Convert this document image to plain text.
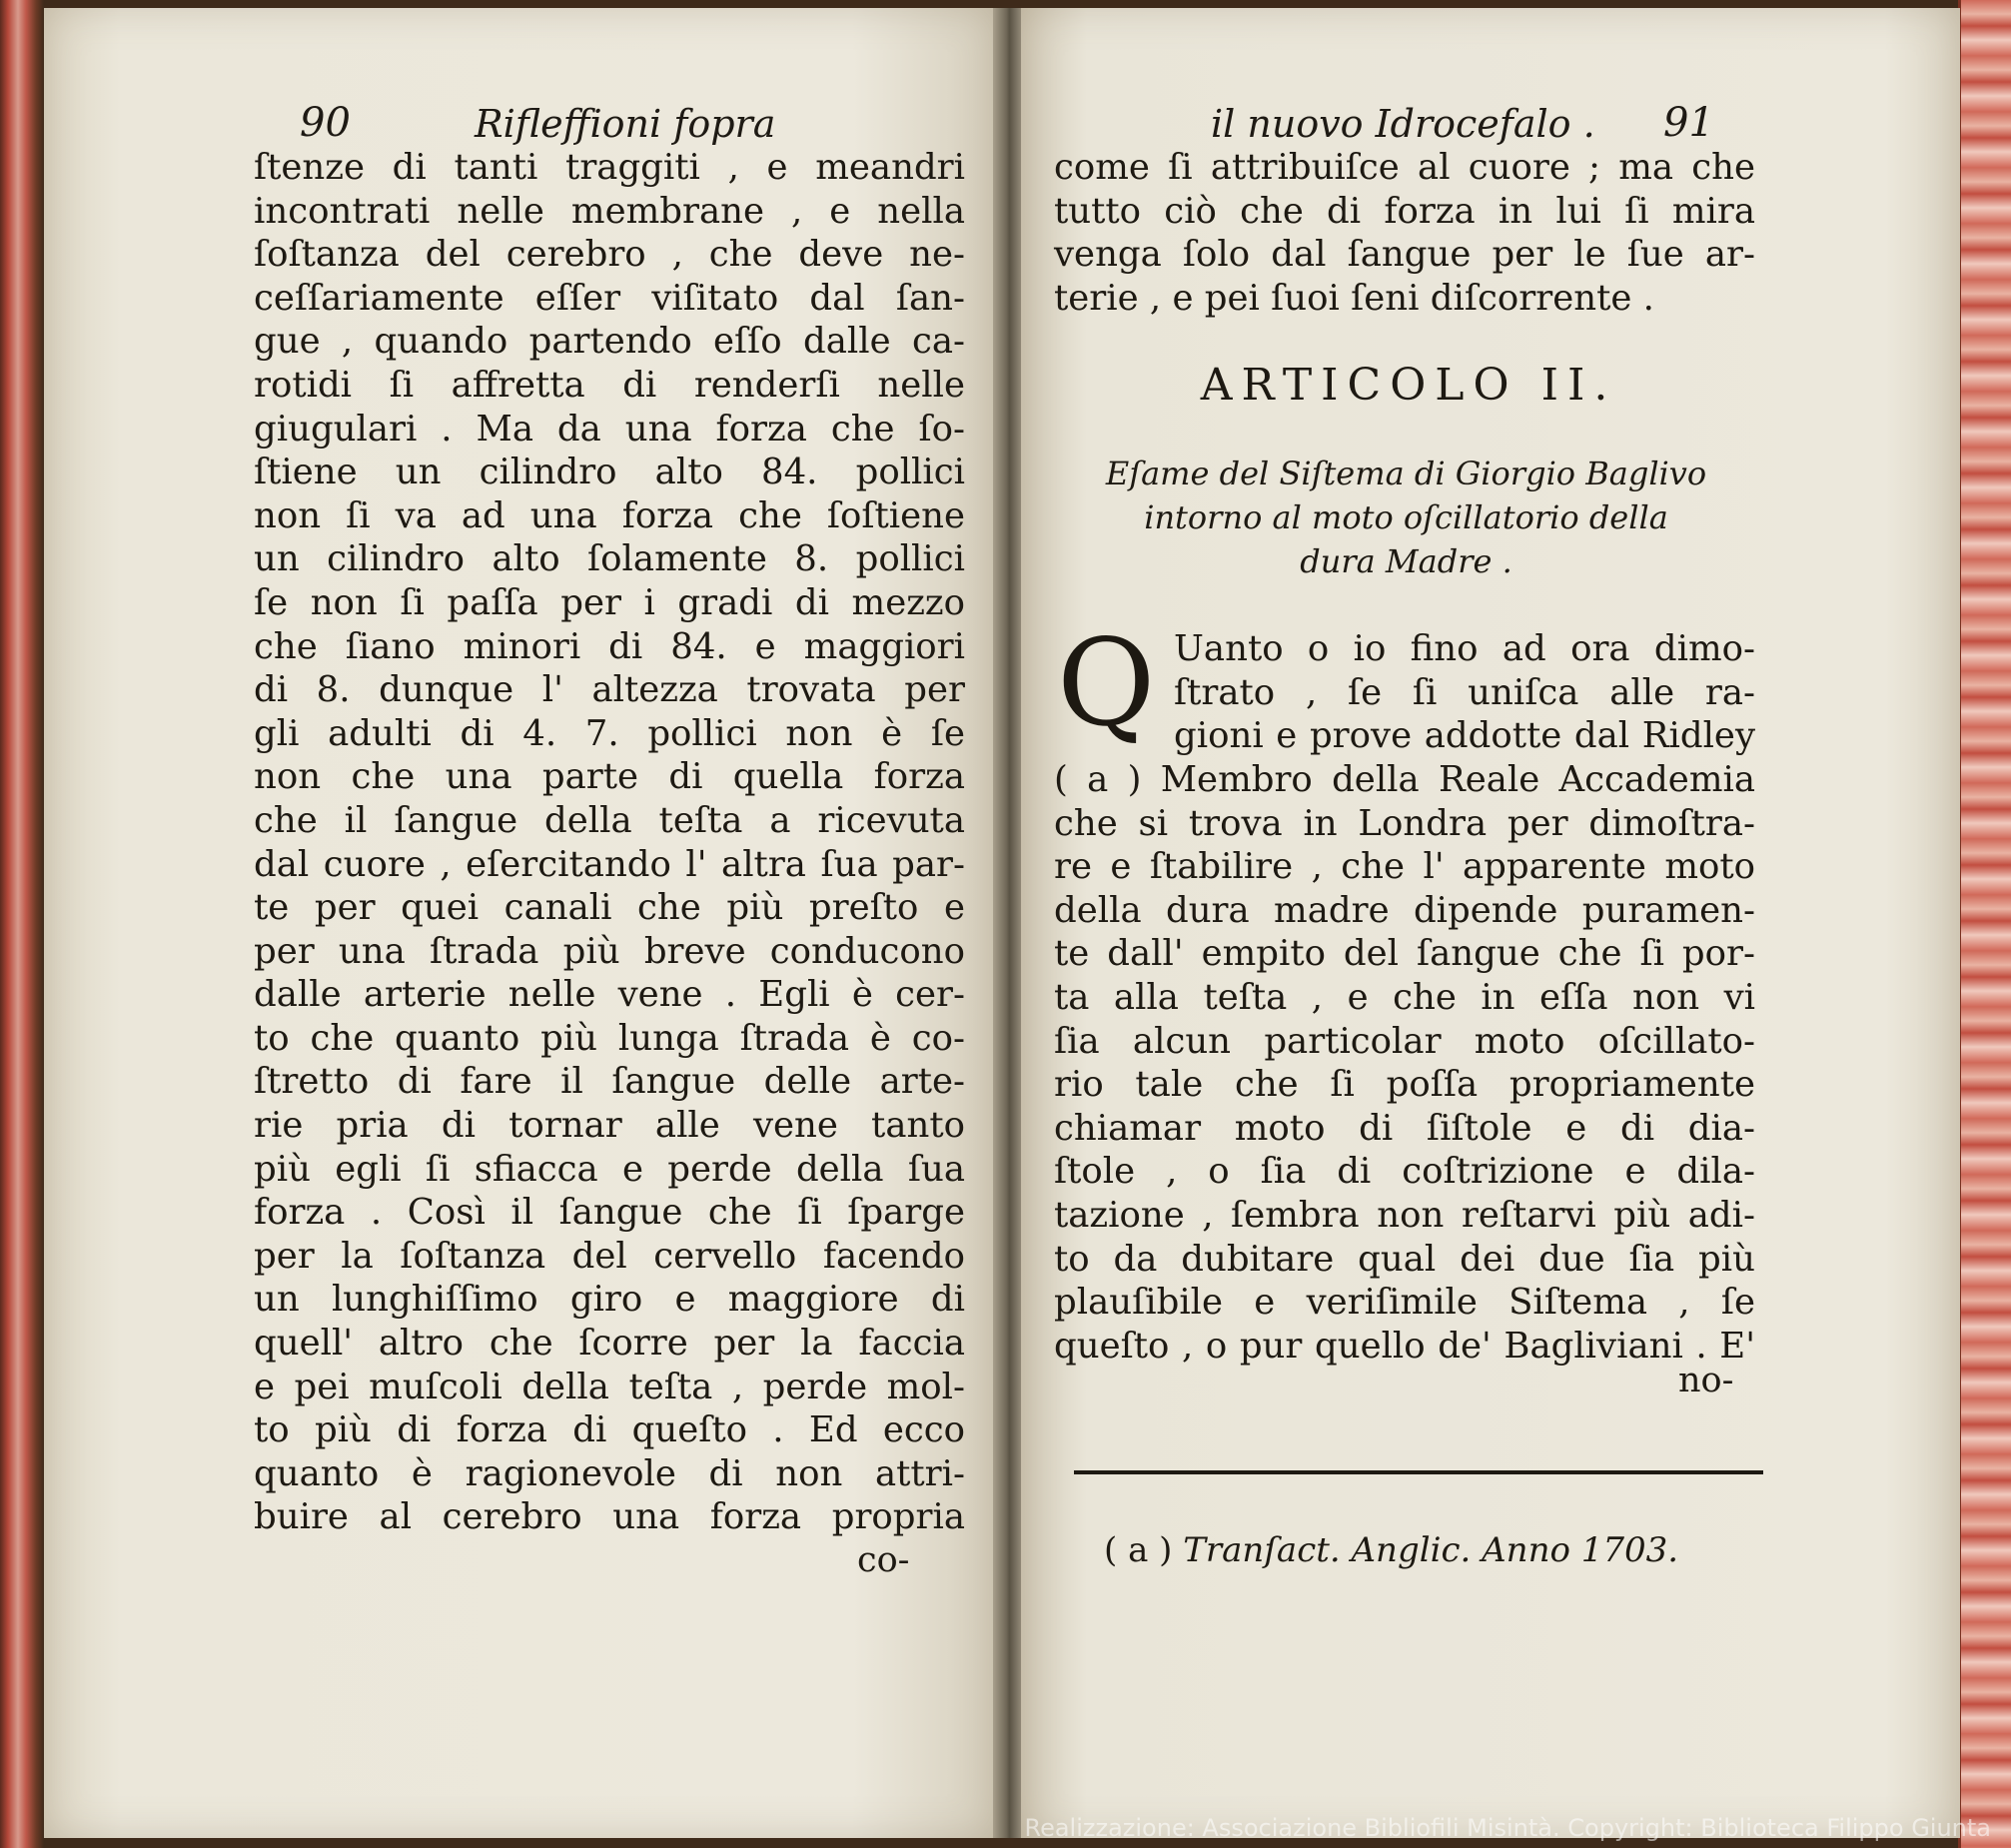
90	Rifleffioni fopra
ſtenze di tanti traggiti , e meandri
incontrati nelle membrane , e nella
ſoſtanza del cerebro , che deve ne-
ceſſariamente eſſer viſitato dal ſan-
gue , quando partendo eſſo dalle ca-
rotidi ſi affretta di renderſi nelle
giugulari . Ma da una forza che ſo-
ſtiene un cilindro alto 84. pollici
non ſi va ad una forza che ſoſtiene
un cilindro alto ſolamente 8. pollici
ſe non ſi paſſa per i gradi di mezzo
che ſiano minori di 84. e maggiori
di 8. dunque l' altezza trovata per
gli adulti di 4. 7. pollici non è ſe
non che una parte di quella forza
che il ſangue della teſta a ricevuta
dal cuore , eſercitando l' altra ſua par-
te per quei canali che più preſto e
per una ſtrada più breve conducono
dalle arterie nelle vene . Egli è cer-
to che quanto più lunga ſtrada è co-
ſtretto di fare il ſangue delle arte-
rie pria di tornar alle vene tanto
più egli ſi sfiacca e perde della ſua
forza . Così il ſangue che ſi ſparge
per la ſoſtanza del cervello facendo
un lunghiſſimo giro e maggiore di
quell' altro che ſcorre per la faccia
e pei muſcoli della teſta , perde mol-
to più di forza di queſto . Ed ecco
quanto è ragionevole di non attri-
buire al cerebro una forza propria
co-
il nuovo Idrocefalo . 91
come ſi attribuiſce al cuore ; ma che
tutto ciò che di forza in lui ſi mira
venga ſolo dal ſangue per le ſue ar-
terie , e pei ſuoi ſeni diſcorrente .
ARTICOLO II.
Eſame del Siſtema di Giorgio Baglivo
intorno al moto oſcillatorio della
dura Madre .
Q Uanto o io fino ad ora dimo-
ſtrato , ſe ſi uniſca alle ra-
gioni e prove addotte dal Ridley
( a ) Membro della Reale Accademia
che si trova in Londra per dimoſtra-
re e ſtabilire , che l' apparente moto
della dura madre dipende puramen-
te dall' empito del ſangue che ſi por-
ta alla teſta , e che in eſſa non vi
ſia alcun particolar moto oſcillato-
rio tale che ſi poſſa propriamente
chiamar moto di ſiſtole e di dia-
ſtole , o ſia di coſtrizione e dila-
tazione , ſembra non reſtarvi più adi-
to da dubitare qual dei due ſia più
plauſibile e veriſimile Siſtema , ſe
queſto , o pur quello de' Bagliviani . E'
no-
( a ) Tranſact. Anglic. Anno 1703.
Realizzazione: Associazione Bibliofili Misintà. Copyright: Biblioteca Filippo Giunta
